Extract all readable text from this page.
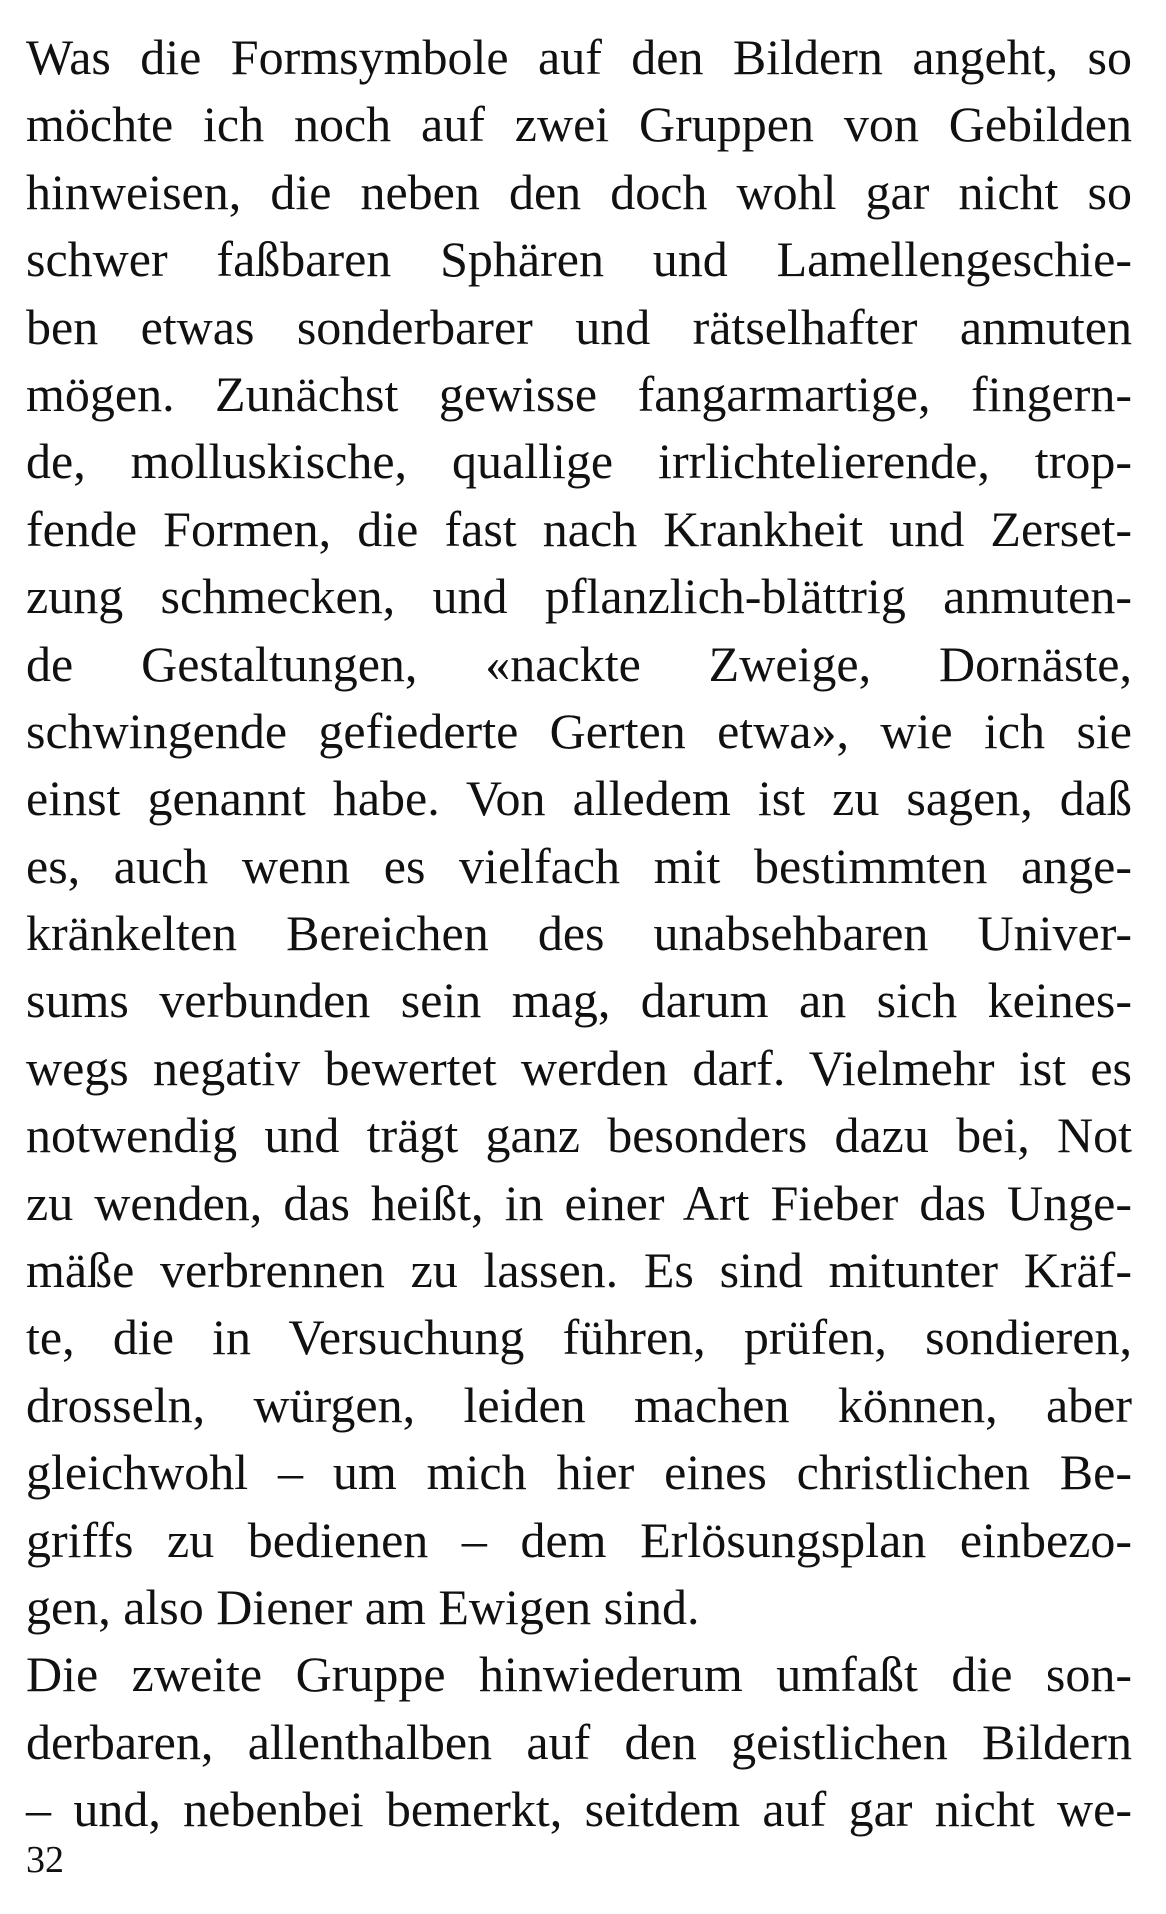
Was die Formsymbole auf den Bildern angeht, so
möchte ich noch auf zwei Gruppen von Gebilden
hinweisen, die neben den doch wohl gar nicht so
schwer faßbaren Sphären und Lamellengeschie-
ben etwas sonderbarer und rätselhafter anmuten
mögen. Zunächst gewisse fangarmartige, fingern-
de, molluskische, quallige irrlichtelierende, trop-
fende Formen, die fast nach Krankheit und Zerset-
zung schmecken, und pflanzlich-blättrig anmuten-
de Gestaltungen, «nackte Zweige, Dornäste,
schwingende gefiederte Gerten etwa», wie ich sie
einst genannt habe. Von alledem ist zu sagen, daß
es, auch wenn es vielfach mit bestimmten ange-
kränkelten Bereichen des unabsehbaren Univer-
sums verbunden sein mag, darum an sich keines-
wegs negativ bewertet werden darf. Vielmehr ist es
notwendig und trägt ganz besonders dazu bei, Not
zu wenden, das heißt, in einer Art Fieber das Unge-
mäße verbrennen zu lassen. Es sind mitunter Kräf-
te, die in Versuchung führen, prüfen, sondieren,
drosseln, würgen, leiden machen können, aber
gleichwohl – um mich hier eines christlichen Be-
griffs zu bedienen – dem Erlösungsplan einbezo-
gen, also Diener am Ewigen sind.
Die zweite Gruppe hinwiederum umfaßt die son-
derbaren, allenthalben auf den geistlichen Bildern
– und, nebenbei bemerkt, seitdem auf gar nicht we-
32
